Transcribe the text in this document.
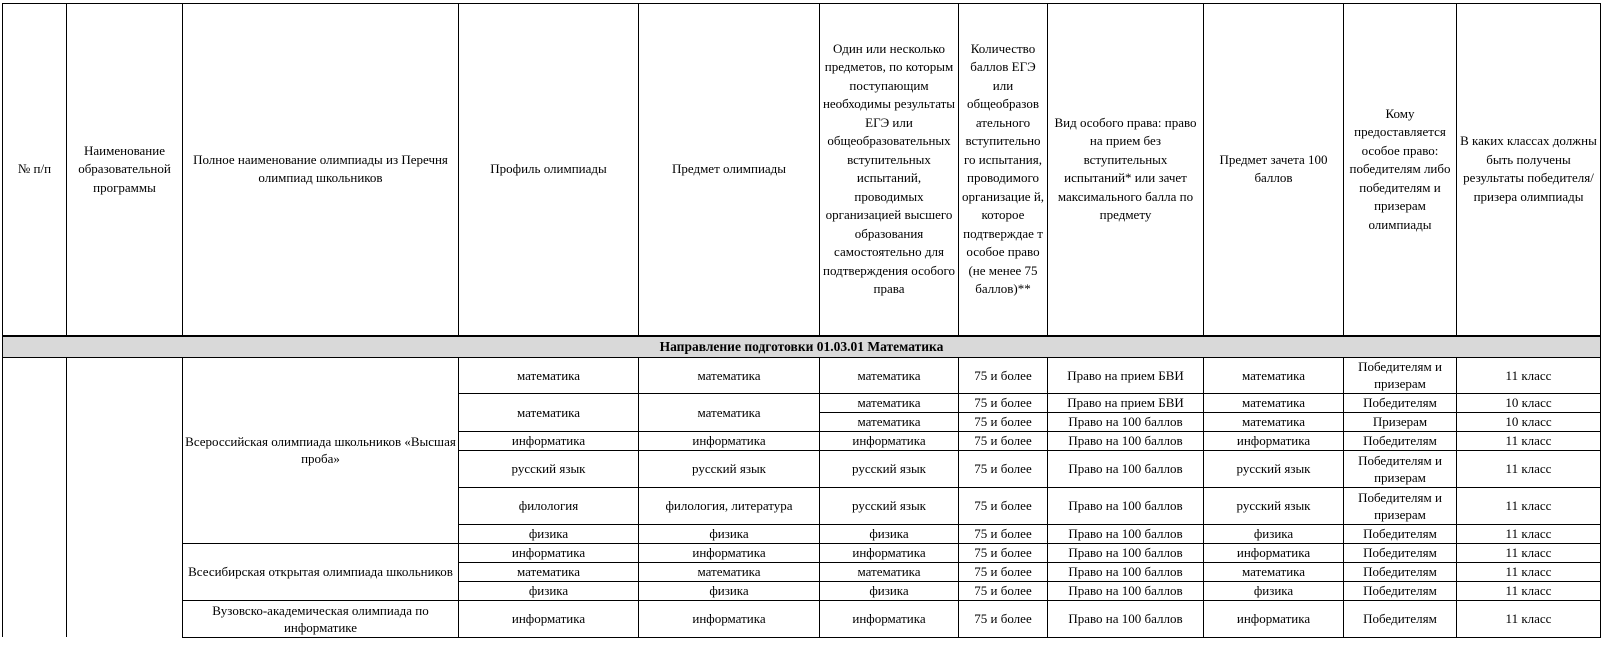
№ п/п	Наименование образовательной программы	Полное наименование олимпиады из Перечня олимпиад школьников	Профиль олимпиады	Предмет олимпиады	Один или несколько предметов, по которым поступающим необходимы результаты ЕГЭ или общеобразовательных вступительных испытаний, проводимых организацией высшего образования самостоятельно для подтверждения особого права	Количество баллов ЕГЭ или общеобразов ательного вступительно го испытания, проводимого организацие й, которое подтверждае т особое право (не менее 75 баллов)**	Вид особого права: право на прием без вступительных испытаний* или зачет максимального балла по предмету	Предмет зачета 100 баллов	Кому предоставляется особое право: победителям либо победителям и призерам олимпиады	В каких классах должны быть получены результаты победителя/призера олимпиады
Направление подготовки 01.03.01 Математика										
		Всероссийская олимпиада школьников «Высшая проба»	математика	математика	математика	75 и более	Право на прием БВИ	математика	Победителям и призерам	11 класс
			математика	математика	математика	75 и более	Право на прием БВИ	математика	Победителям	10 класс
					математика	75 и более	Право на 100 баллов	математика	Призерам	10 класс
			информатика	информатика	информатика	75 и более	Право на 100 баллов	информатика	Победителям	11 класс
			русский язык	русский язык	русский язык	75 и более	Право на 100 баллов	русский язык	Победителям и призерам	11 класс
			филология	филология, литература	русский язык	75 и более	Право на 100 баллов	русский язык	Победителям и призерам	11 класс
			физика	физика	физика	75 и более	Право на 100 баллов	физика	Победителям	11 класс
		Всесибирская открытая олимпиада школьников	информатика	информатика	информатика	75 и более	Право на 100 баллов	информатика	Победителям	11 класс
			математика	математика	математика	75 и более	Право на 100 баллов	математика	Победителям	11 класс
			физика	физика	физика	75 и более	Право на 100 баллов	физика	Победителям	11 класс
		Вузовско-академическая олимпиада по информатике	информатика	информатика	информатика	75 и более	Право на 100 баллов	информатика	Победителям	11 класс
